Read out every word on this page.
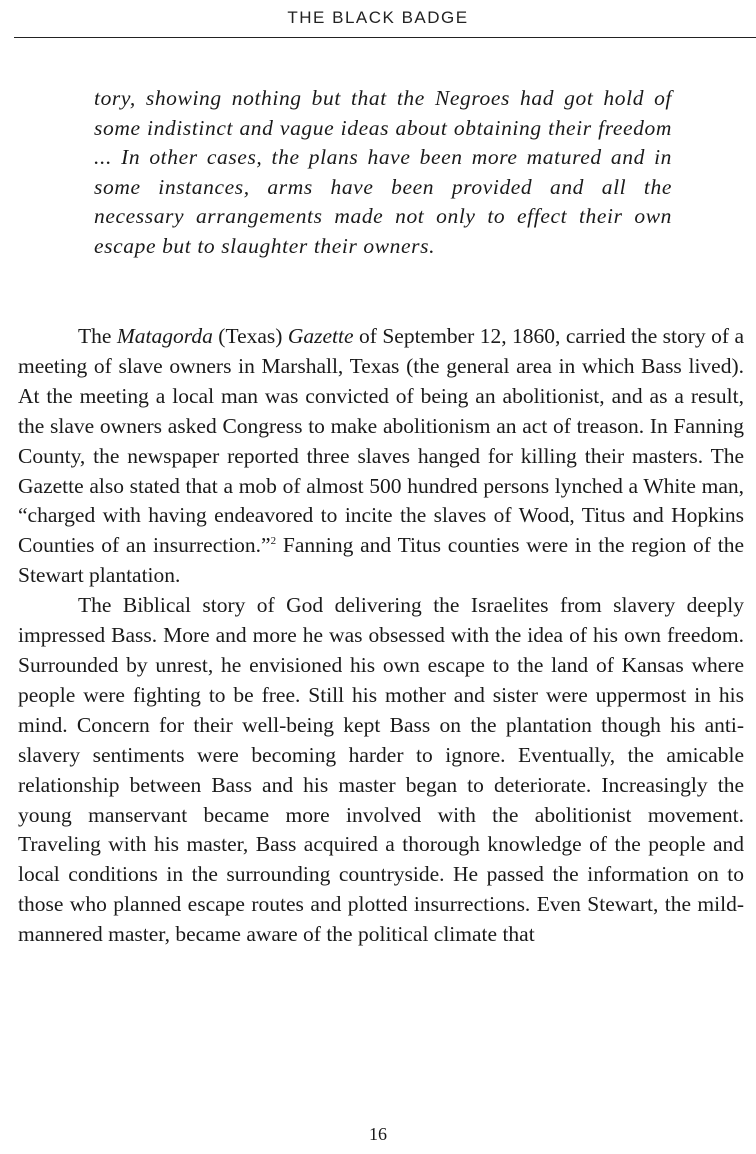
THE BLACK BADGE
tory, showing nothing but that the Negroes had got hold of some indistinct and vague ideas about obtaining their freedom ... In other cases, the plans have been more matured and in some instances, arms have been provided and all the necessary arrangements made not only to effect their own escape but to slaughter their owners.

The Matagorda (Texas) Gazette of September 12, 1860, carried the story of a meeting of slave owners in Marshall, Texas (the general area in which Bass lived). At the meeting a local man was convicted of being an abolitionist, and as a result, the slave owners asked Congress to make abolitionism an act of treason. In Fanning County, the newspaper reported three slaves hanged for killing their masters. The Gazette also stated that a mob of almost 500 hundred persons lynched a White man, “charged with having endeavored to incite the slaves of Wood, Titus and Hopkins Counties of an insurrection.”$^2$ Fanning and Titus counties were in the region of the Stewart plantation.

The Biblical story of God delivering the Israelites from slavery deeply impressed Bass. More and more he was obsessed with the idea of his own freedom. Surrounded by unrest, he envisioned his own escape to the land of Kansas where people were fighting to be free. Still his mother and sister were uppermost in his mind. Concern for their well-being kept Bass on the plantation though his anti-slavery sentiments were becoming harder to ignore. Eventually, the amicable relationship between Bass and his master began to deteriorate. Increasingly the young manservant became more involved with the abolitionist movement. Traveling with his master, Bass acquired a thorough knowledge of the people and local conditions in the surrounding countryside. He passed the information on to those who planned escape routes and plotted insurrections. Even Stewart, the mild-mannered master, became aware of the political climate that

16
